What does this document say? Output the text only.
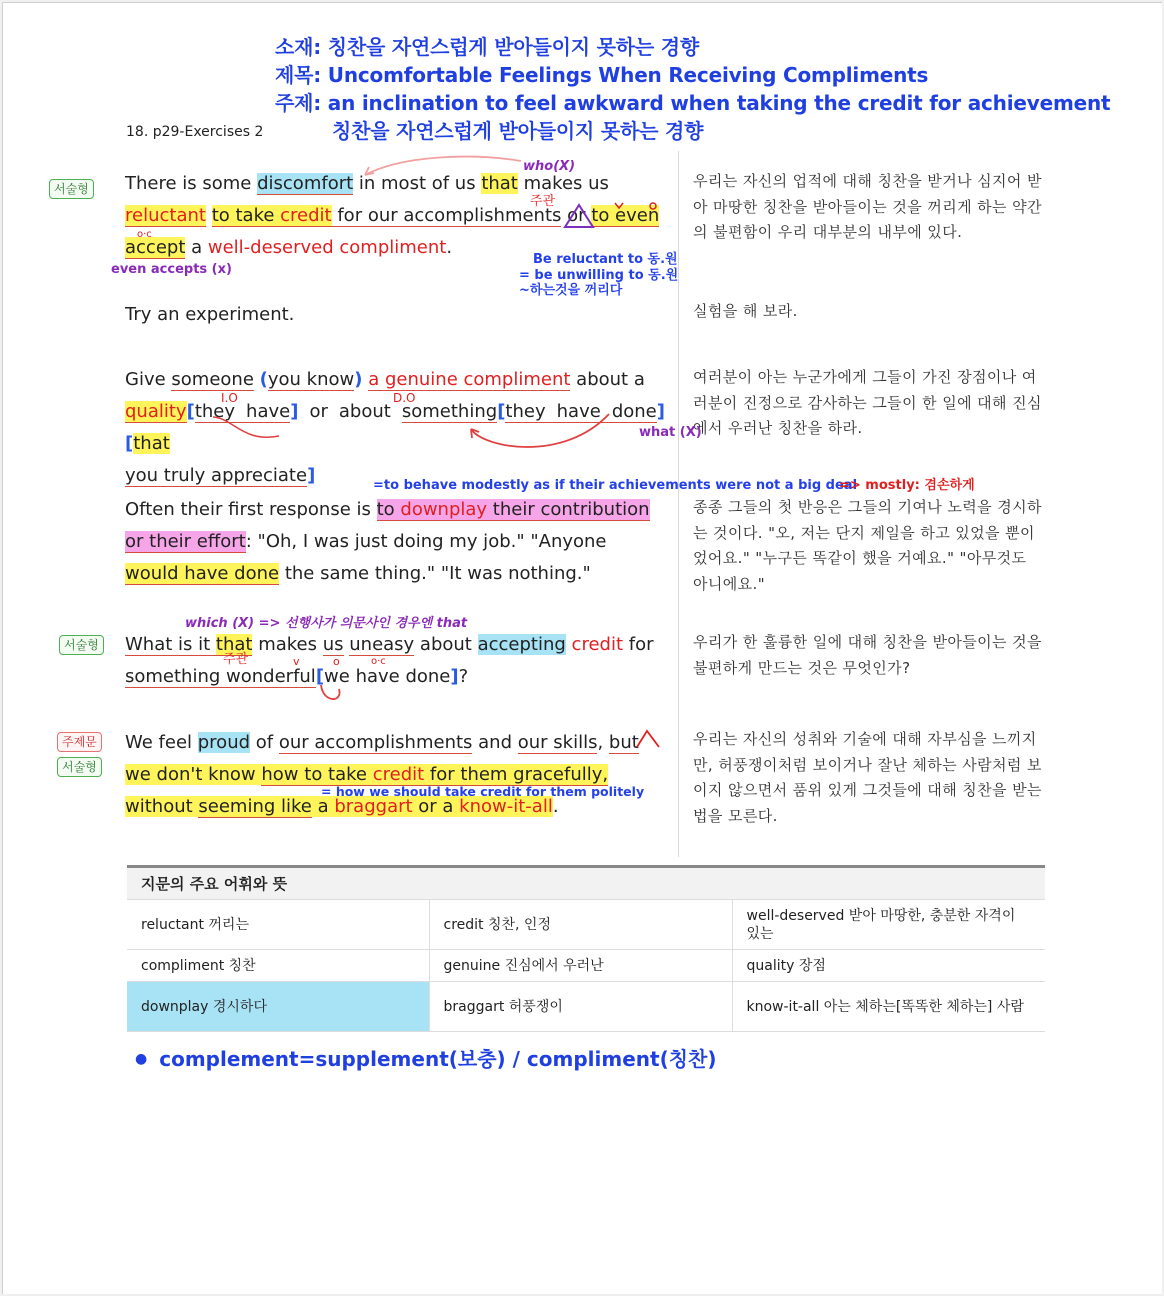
소재: 칭찬을 자연스럽게 받아들이지 못하는 경향
제목: Uncomfortable Feelings When Receiving Compliments
주제: an inclination to feel awkward when taking the credit for achievement
칭찬을 자연스럽게 받아들이지 못하는 경향
18. p29-Exercises 2
서술형
서술형
주제문
서술형
There is some discomfort in most of us that makes us
reluctant to take credit for our accomplishments or to even
accept a well-deserved compliment.
우리는 자신의 업적에 대해 칭찬을 받거나 심지어 받아 마땅한 칭찬을 받아들이는 것을 꺼리게 하는 약간의 불편함이 우리 대부분의 내부에 있다.
who(X)
주관
o·c
even accepts (x)
Be reluctant to 동.원
= be unwilling to 동.원
~하는것을 꺼리다
Try an experiment.	실험을 해 보라.
Give someone (you know) a genuine compliment about a
quality[they have] or about something[they have done][that
you truly appreciate]
여러분이 아는 누군가에게 그들이 가진 장점이나 여러분이 진정으로 감사하는 그들이 한 일에 대해 진심에서 우러난 칭찬을 하라.
I.O	D.O
what (X)
=to behave modestly as if their achievements were not a big deal
=> mostly: 겸손하게
Often their first response is to downplay their contribution
or their effort: "Oh, I was just doing my job." "Anyone
would have done the same thing." "It was nothing."
종종 그들의 첫 반응은 그들의 기여나 노력을 경시하는 것이다. "오, 저는 단지 제일을 하고 있었을 뿐이었어요." "누구든 똑같이 했을 거예요." "아무것도 아니에요."
which (X) => 선행사가 의문사인 경우엔 that
What is it that makes us uneasy about accepting credit for
something wonderful[we have done]?
우리가 한 훌륭한 일에 대해 칭찬을 받아들이는 것을 불편하게 만드는 것은 무엇인가?
주관	v	o	o·c
We feel proud of our accomplishments and our skills, but
we don't know how to take credit for them gracefully,
without seeming like a braggart or a know-it-all.
우리는 자신의 성취와 기술에 대해 자부심을 느끼지만, 허풍쟁이처럼 보이거나 잘난 체하는 사람처럼 보이지 않으면서 품위 있게 그것들에 대해 칭찬을 받는 법을 모른다.
= how we should take credit for them politely
지문의 주요 어휘와 뜻		
reluctant 꺼리는	credit 칭찬, 인정	well-deserved 받아 마땅한, 충분한 자격이 있는
compliment 칭찬	genuine 진심에서 우러난	quality 장점
downplay 경시하다	braggart 허풍쟁이	know-it-all 아는 체하는[똑똑한 체하는] 사람
● complement=supplement(보충) / compliment(칭찬)
